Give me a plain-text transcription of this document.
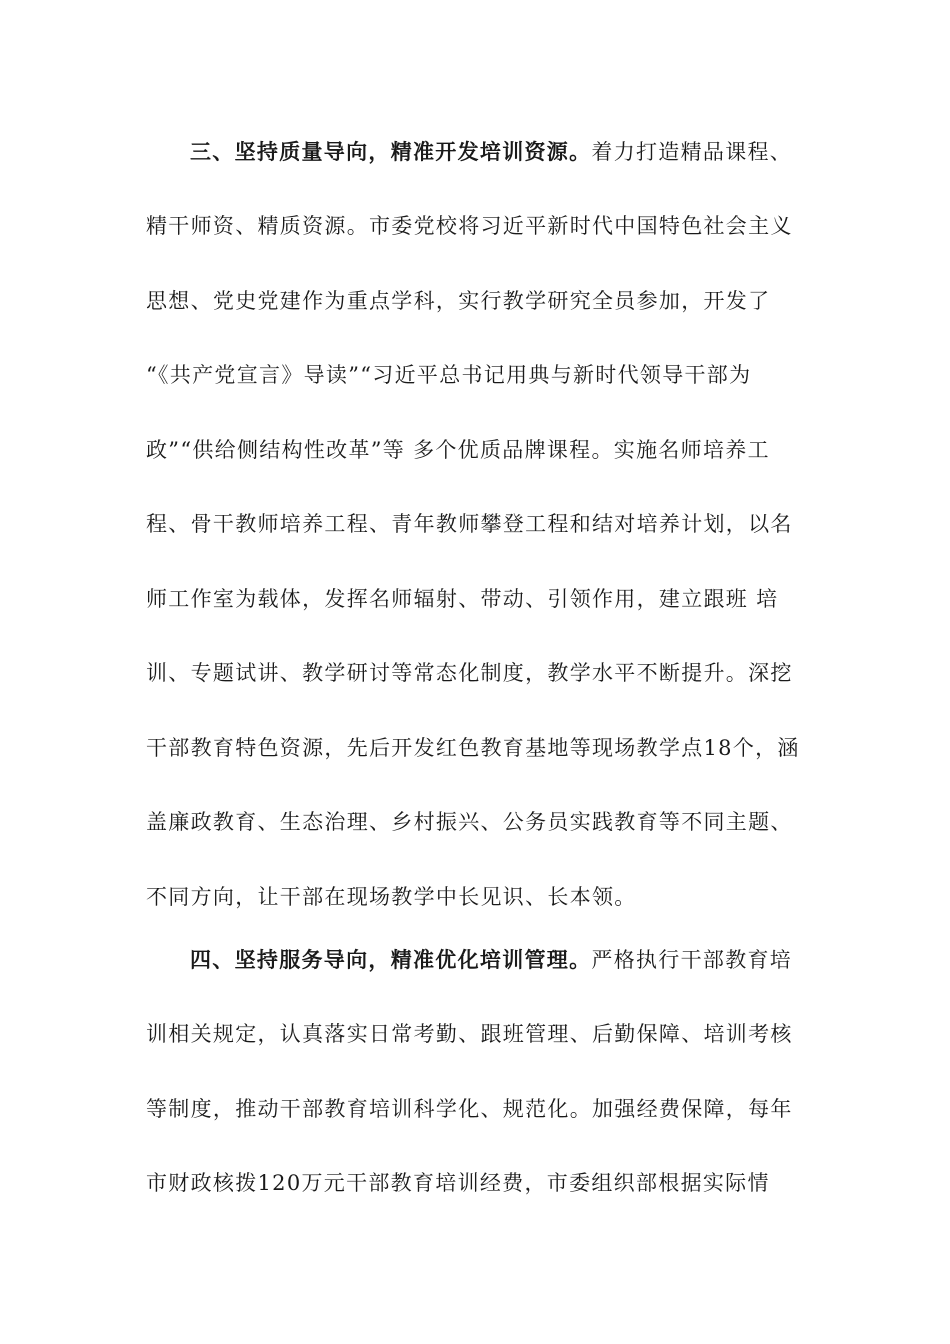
三、坚持质量导向，精准开发培训资源。着力打造精品课程、
精干师资、精质资源。市委党校将习近平新时代中国特色社会主义
思想、党史党建作为重点学科，实行教学研究全员参加，开发了
“《共产党宣言》导读”“习近平总书记用典与新时代领导干部为
政”“供给侧结构性改革”等 多个优质品牌课程。实施名师培养工
程、骨干教师培养工程、青年教师攀登工程和结对培养计划，以名
师工作室为载体，发挥名师辐射、带动、引领作用，建立跟班 培
训、专题试讲、教学研讨等常态化制度，教学水平不断提升。深挖
干部教育特色资源，先后开发红色教育基地等现场教学点18个，涵
盖廉政教育、生态治理、乡村振兴、公务员实践教育等不同主题、
不同方向，让干部在现场教学中长见识、长本领。
四、坚持服务导向，精准优化培训管理。严格执行干部教育培
训相关规定，认真落实日常考勤、跟班管理、后勤保障、培训考核
等制度，推动干部教育培训科学化、规范化。加强经费保障，每年
市财政核拨120万元干部教育培训经费，市委组织部根据实际情
